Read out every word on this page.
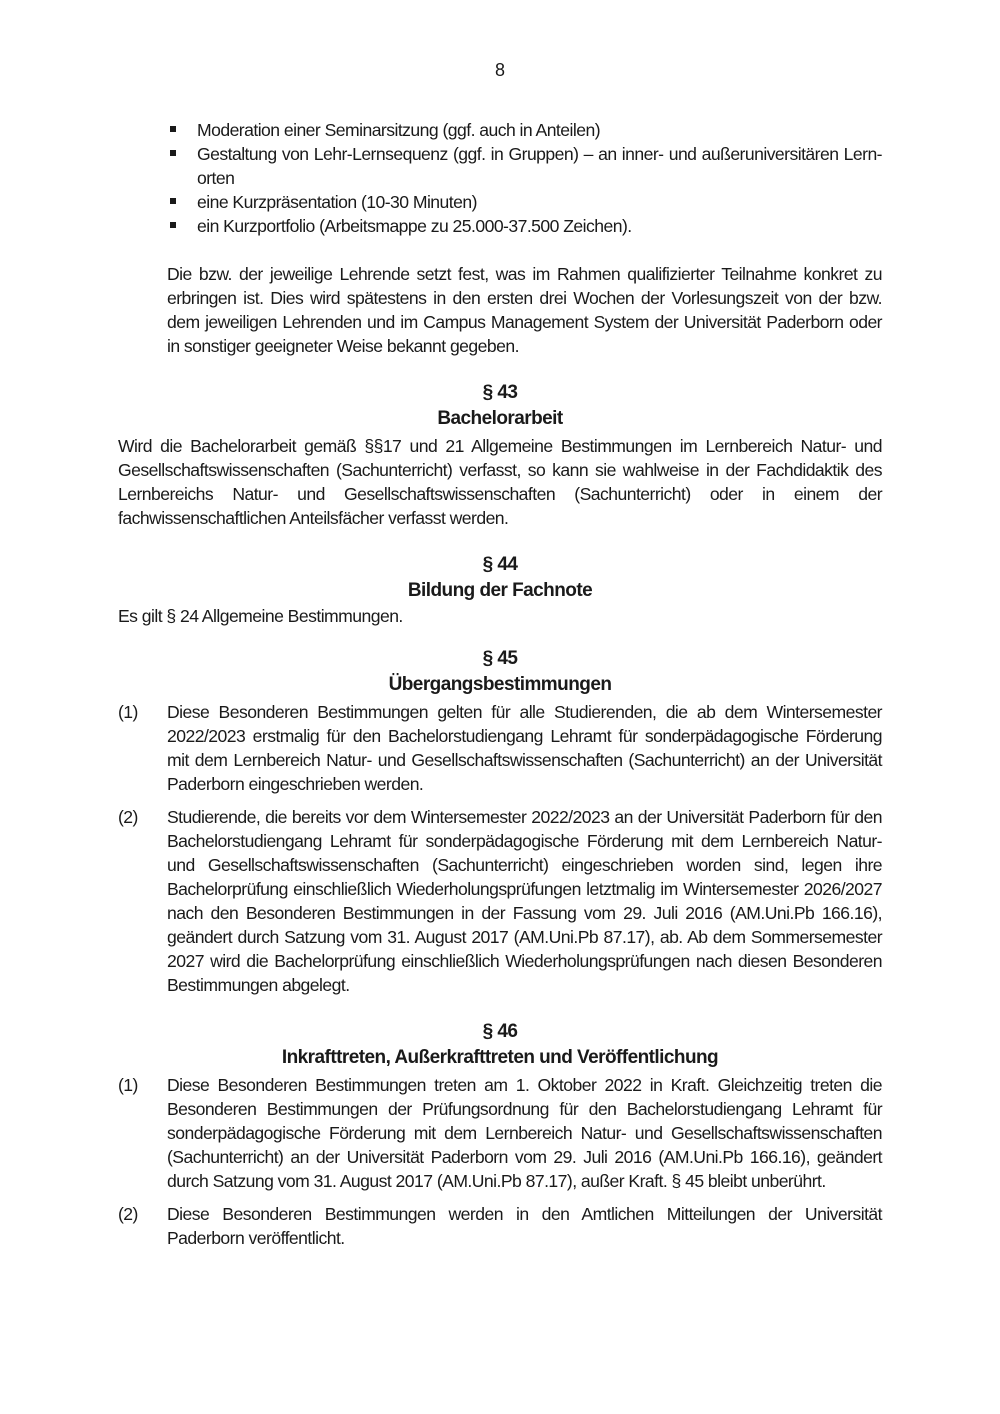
8
Moderation einer Seminarsitzung (ggf. auch in Anteilen)
Gestaltung von Lehr-Lernsequenz (ggf. in Gruppen) – an inner- und außeruniversitären Lern-orten
eine Kurzpräsentation (10-30 Minuten)
ein Kurzportfolio (Arbeitsmappe zu 25.000-37.500 Zeichen).

Die bzw. der jeweilige Lehrende setzt fest, was im Rahmen qualifizierter Teilnahme konkret zu erbringen ist. Dies wird spätestens in den ersten drei Wochen der Vorlesungszeit von der bzw. dem jeweiligen Lehrenden und im Campus Management System der Universität Paderborn oder in sonstiger geeigneter Weise bekannt gegeben.

§ 43
Bachelorarbeit

Wird die Bachelorarbeit gemäß §§17 und 21 Allgemeine Bestimmungen im Lernbereich Natur- und Gesellschaftswissenschaften (Sachunterricht) verfasst, so kann sie wahlweise in der Fachdidaktik des Lernbereichs Natur- und Gesellschaftswissenschaften (Sachunterricht) oder in einem der fachwissenschaftlichen Anteilsfächer verfasst werden.

§ 44
Bildung der Fachnote

Es gilt § 24 Allgemeine Bestimmungen.

§ 45
Übergangsbestimmungen
(1) Diese Besonderen Bestimmungen gelten für alle Studierenden, die ab dem Wintersemester 2022/2023 erstmalig für den Bachelorstudiengang Lehramt für sonderpädagogische Förderung mit dem Lernbereich Natur- und Gesellschaftswissenschaften (Sachunterricht) an der Universität Paderborn eingeschrieben werden.
(2) Studierende, die bereits vor dem Wintersemester 2022/2023 an der Universität Paderborn für den Bachelorstudiengang Lehramt für sonderpädagogische Förderung mit dem Lernbereich Natur- und Gesellschaftswissenschaften (Sachunterricht) eingeschrieben worden sind, legen ihre Bachelorprüfung einschließlich Wiederholungsprüfungen letztmalig im Wintersemester 2026/2027 nach den Besonderen Bestimmungen in der Fassung vom 29. Juli 2016 (AM.Uni.Pb 166.16), geändert durch Satzung vom 31. August 2017 (AM.Uni.Pb 87.17), ab. Ab dem Sommersemester 2027 wird die Bachelorprüfung einschließlich Wiederholungsprüfungen nach diesen Besonderen Bestimmungen abgelegt.
§ 46
Inkrafttreten, Außerkrafttreten und Veröffentlichung
(1) Diese Besonderen Bestimmungen treten am 1. Oktober 2022 in Kraft. Gleichzeitig treten die Besonderen Bestimmungen der Prüfungsordnung für den Bachelorstudiengang Lehramt für sonderpädagogische Förderung mit dem Lernbereich Natur- und Gesellschaftswissenschaften (Sachunterricht) an der Universität Paderborn vom 29. Juli 2016 (AM.Uni.Pb 166.16), geändert durch Satzung vom 31. August 2017 (AM.Uni.Pb 87.17), außer Kraft. § 45 bleibt unberührt.
(2) Diese Besonderen Bestimmungen werden in den Amtlichen Mitteilungen der Universität Paderborn veröffentlicht.
